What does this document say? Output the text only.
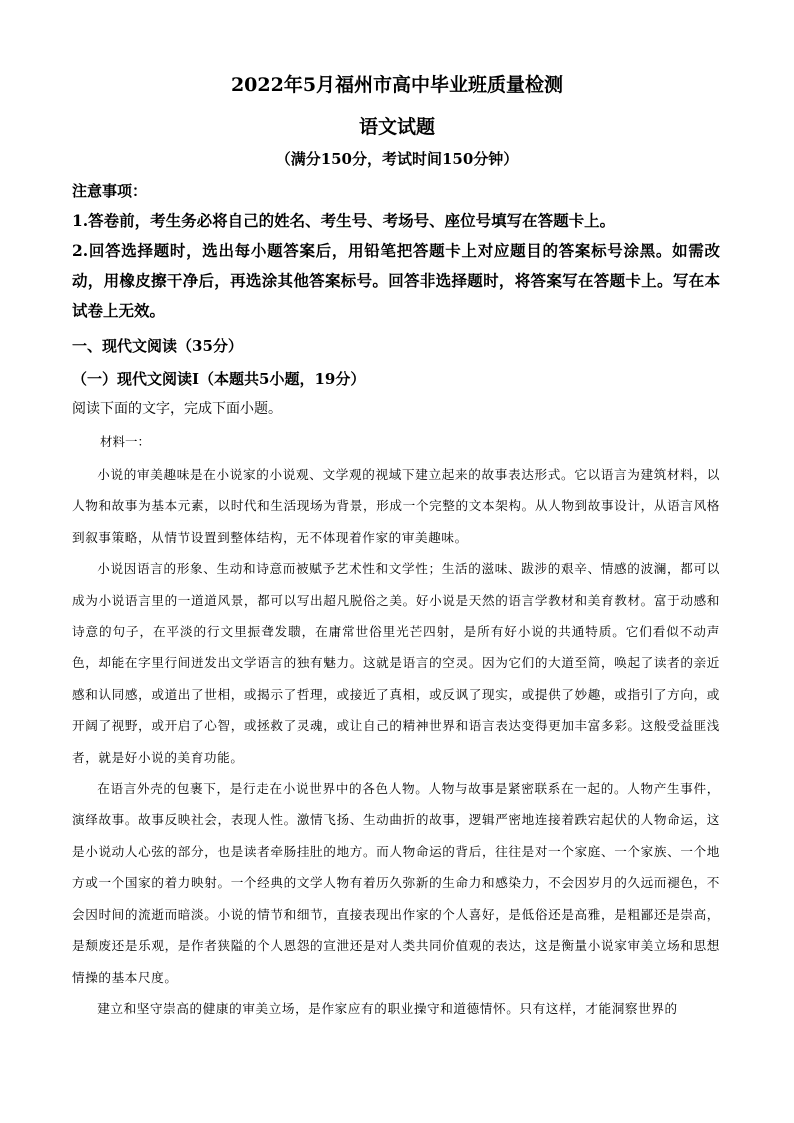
2022年5月福州市高中毕业班质量检测
语文试题
（满分150分，考试时间150分钟）
注意事项：

1.答卷前，考生务必将自己的姓名、考生号、考场号、座位号填写在答题卡上。

2.回答选择题时，选出每小题答案后，用铅笔把答题卡上对应题目的答案标号涂黑。如需改动，用橡皮擦干净后，再选涂其他答案标号。回答非选择题时，将答案写在答题卡上。写在本试卷上无效。

一、现代文阅读（35分）
（一）现代文阅读Ⅰ（本题共5小题，19分）
阅读下面的文字，完成下面小题。
材料一：

小说的审美趣味是在小说家的小说观、文学观的视域下建立起来的故事表达形式。它以语言为建筑材料，以人物和故事为基本元素，以时代和生活现场为背景，形成一个完整的文本架构。从人物到故事设计，从语言风格到叙事策略，从情节设置到整体结构，无不体现着作家的审美趣味。

小说因语言的形象、生动和诗意而被赋予艺术性和文学性；生活的滋味、跋涉的艰辛、情感的波澜，都可以成为小说语言里的一道道风景，都可以写出超凡脱俗之美。好小说是天然的语言学教材和美育教材。富于动感和诗意的句子，在平淡的行文里振聋发聩，在庸常世俗里光芒四射，是所有好小说的共通特质。它们看似不动声色，却能在字里行间迸发出文学语言的独有魅力。这就是语言的空灵。因为它们的大道至简，唤起了读者的亲近感和认同感，或道出了世相，或揭示了哲理，或接近了真相，或反讽了现实，或提供了妙趣，或指引了方向，或开阔了视野，或开启了心智，或拯救了灵魂，或让自己的精神世界和语言表达变得更加丰富多彩。这般受益匪浅者，就是好小说的美育功能。

在语言外壳的包裹下，是行走在小说世界中的各色人物。人物与故事是紧密联系在一起的。人物产生事件，演绎故事。故事反映社会，表现人性。激情飞扬、生动曲折的故事，逻辑严密地连接着跌宕起伏的人物命运，这是小说动人心弦的部分，也是读者牵肠挂肚的地方。而人物命运的背后，往往是对一个家庭、一个家族、一个地方或一个国家的着力映射。一个经典的文学人物有着历久弥新的生命力和感染力，不会因岁月的久远而褪色，不会因时间的流逝而暗淡。小说的情节和细节，直接表现出作家的个人喜好，是低俗还是高雅，是粗鄙还是崇高，是颓废还是乐观，是作者狭隘的个人恩怨的宣泄还是对人类共同价值观的表达，这是衡量小说家审美立场和思想情操的基本尺度。

建立和坚守崇高的健康的审美立场，是作家应有的职业操守和道德情怀。只有这样，才能洞察世界的
